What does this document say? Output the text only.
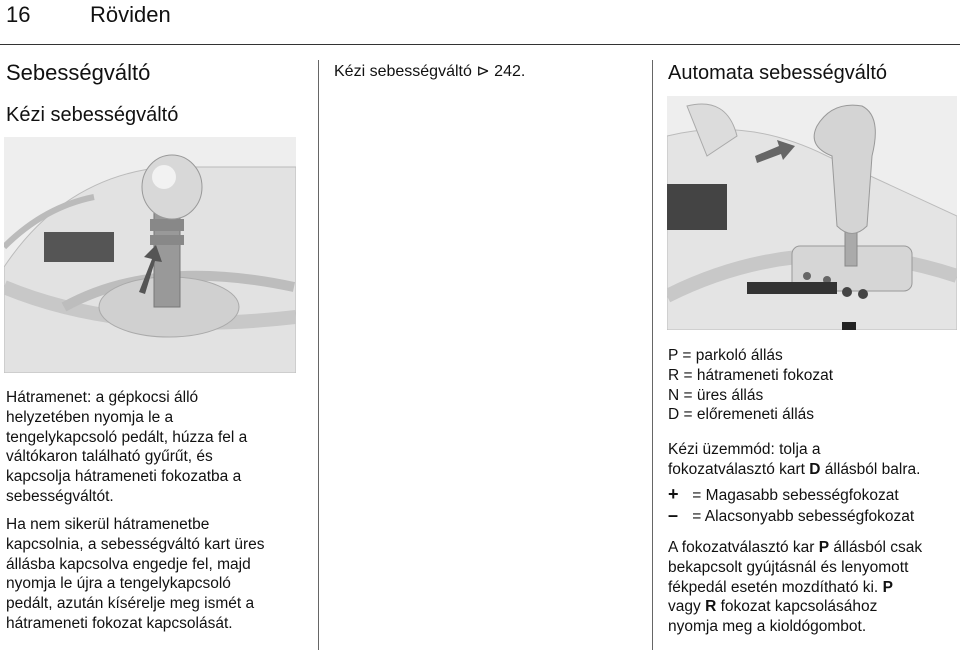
16	Röviden
Sebességváltó
Kézi sebességváltó
Hátramenet: a gépkocsi álló
helyzetében nyomja le a
tengelykapcsoló pedált, húzza fel a
váltókaron található gyűrűt, és
kapcsolja hátrameneti fokozatba a
sebességváltót.
Ha nem sikerül hátramenetbe
kapcsolnia, a sebességváltó kart üres
állásba kapcsolva engedje fel, majd
nyomja le újra a tengelykapcsoló
pedált, azután kísérelje meg ismét a
hátrameneti fokozat kapcsolását.
Kézi sebességváltó ⊳ 242.	Automata sebességváltó
P = parkoló állás
R = hátrameneti fokozat
N = üres állás
D = előremeneti állás
Kézi üzemmód: tolja a
fokozatválasztó kart D állásból balra.
+ = Magasabb sebességfokozat
– = Alacsonyabb sebességfokozat
A fokozatválasztó kar P állásból csak
bekapcsolt gyújtásnál és lenyomott
fékpedál esetén mozdítható ki. P
vagy R fokozat kapcsolásához
nyomja meg a kioldógombot.
